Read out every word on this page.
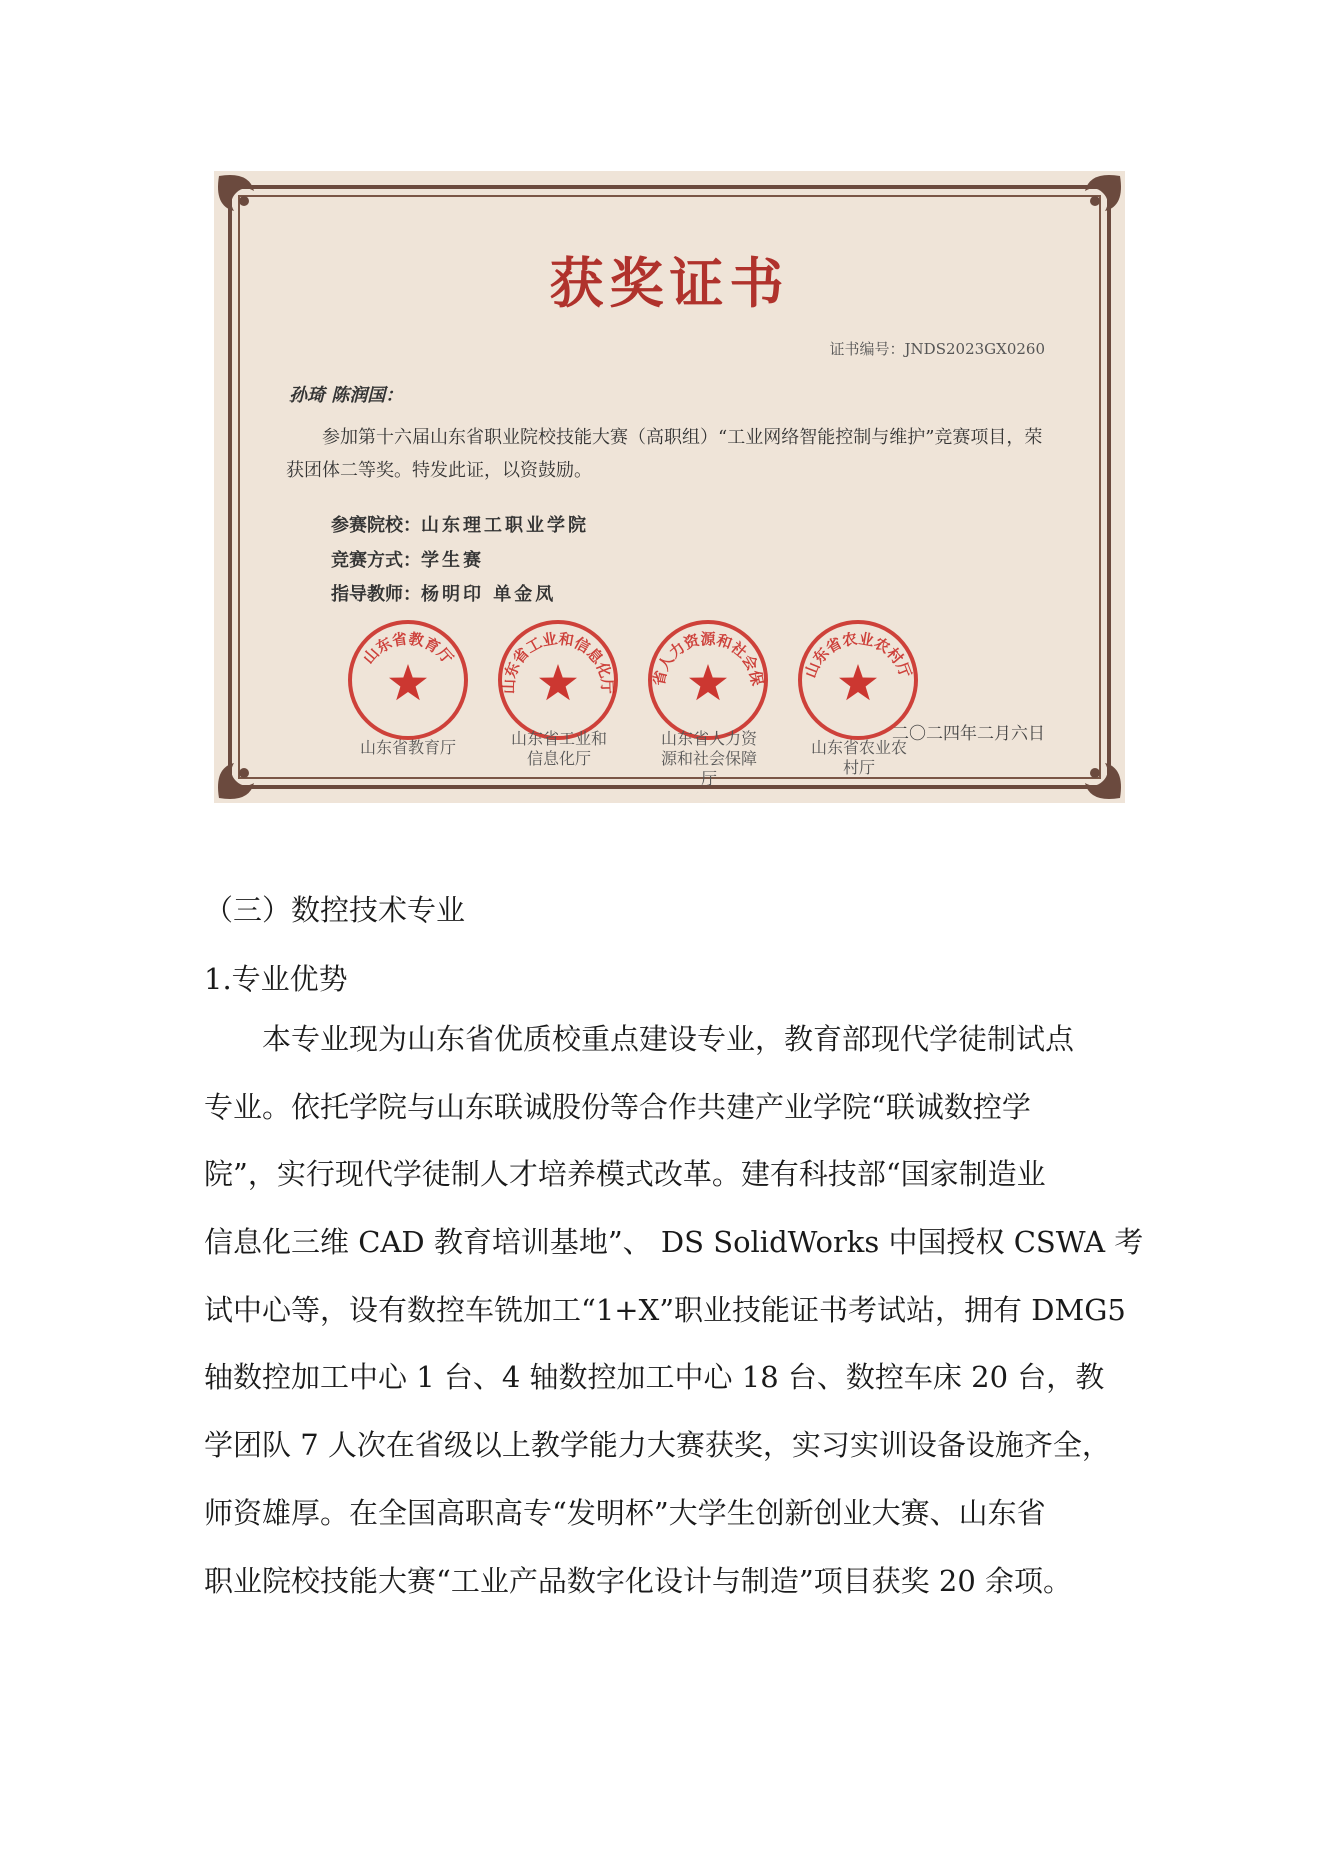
获奖证书
证书编号：JNDS2023GX0260
孙琦 陈润国：
参加第十六届山东省职业院校技能大赛（高职组）“工业网络智能控制与维护”竞赛项目，荣获团体二等奖。特发此证，以资鼓励。
参赛院校：山东理工职业学院
竞赛方式：学生赛
指导教师：杨明印 单金凤
山东省教育厅
山东省教育厅
山东省工业和信息化厅
山东省工业和信息化厅
省人力资源和社会保
山东省人力资源和社会保障厅
山东省农业农村厅
山东省农业农村厅
二〇二四年二月六日
（三）数控技术专业
1.专业优势
本专业现为山东省优质校重点建设专业，教育部现代学徒制试点
专业。依托学院与山东联诚股份等合作共建产业学院“联诚数控学
院”，实行现代学徒制人才培养模式改革。建有科技部“国家制造业
信息化三维 CAD 教育培训基地”、 DS SolidWorks 中国授权 CSWA 考
试中心等，设有数控车铣加工“1+X”职业技能证书考试站，拥有 DMG5
轴数控加工中心 1 台、4 轴数控加工中心 18 台、数控车床 20 台，教
学团队 7 人次在省级以上教学能力大赛获奖，实习实训设备设施齐全，
师资雄厚。在全国高职高专“发明杯”大学生创新创业大赛、山东省
职业院校技能大赛“工业产品数字化设计与制造”项目获奖 20 余项。
